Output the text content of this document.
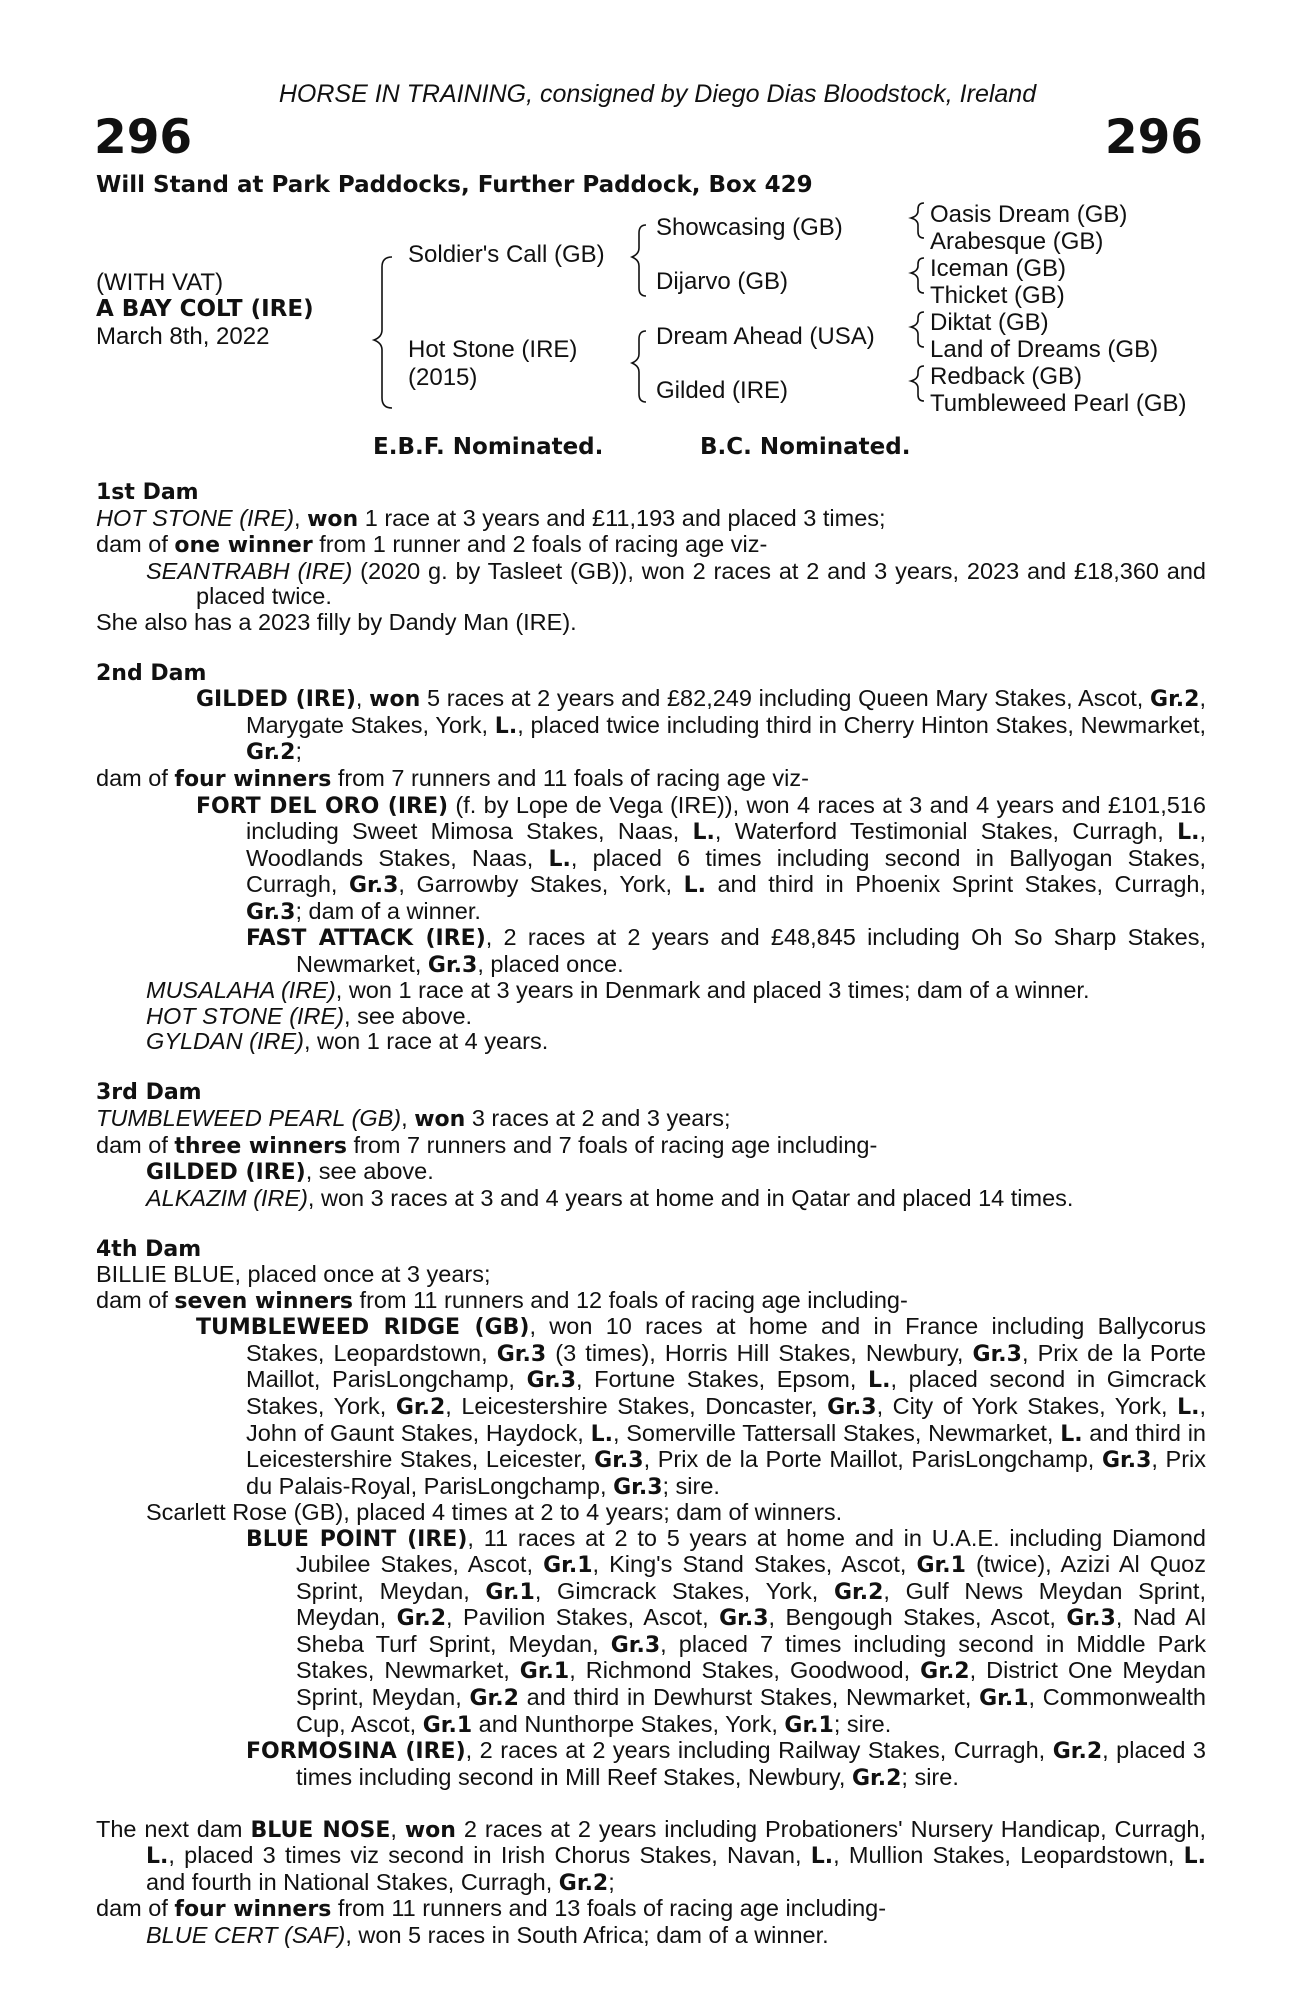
HORSE IN TRAINING, consigned by Diego Dias Bloodstock, Ireland
296	296
Will Stand at Park Paddocks, Further Paddock, Box 429
(WITH VAT)
A BAY COLT (IRE)
March 8th, 2022
Soldier's Call (GB)
Hot Stone (IRE)
(2015)
Showcasing (GB)
Dijarvo (GB)
Dream Ahead (USA)
Gilded (IRE)
Oasis Dream (GB)
Arabesque (GB)
Iceman (GB)
Thicket (GB)
Diktat (GB)
Land of Dreams (GB)
Redback (GB)
Tumbleweed Pearl (GB)
E.B.F. Nominated.	B.C. Nominated.

1st Dam

HOT STONE (IRE), won 1 race at 3 years and £11,193 and placed 3 times;

dam of one winner from 1 runner and 2 foals of racing age viz-

SEANTRABH (IRE) (2020 g. by Tasleet (GB)), won 2 races at 2 and 3 years, 2023 and £18,360 and placed twice.

She also has a 2023 filly by Dandy Man (IRE).

2nd Dam

GILDED (IRE), won 5 races at 2 years and £82,249 including Queen Mary Stakes, Ascot, Gr.2, Marygate Stakes, York, L., placed twice including third in Cherry Hinton Stakes, Newmarket, Gr.2;

dam of four winners from 7 runners and 11 foals of racing age viz-

FORT DEL ORO (IRE) (f. by Lope de Vega (IRE)), won 4 races at 3 and 4 years and £101,516 including Sweet Mimosa Stakes, Naas, L., Waterford Testimonial Stakes, Curragh, L., Woodlands Stakes, Naas, L., placed 6 times including second in Ballyogan Stakes, Curragh, Gr.3, Garrowby Stakes, York, L. and third in Phoenix Sprint Stakes, Curragh, Gr.3; dam of a winner.

FAST ATTACK (IRE), 2 races at 2 years and £48,845 including Oh So Sharp Stakes, Newmarket, Gr.3, placed once.

MUSALAHA (IRE), won 1 race at 3 years in Denmark and placed 3 times; dam of a winner.

HOT STONE (IRE), see above.

GYLDAN (IRE), won 1 race at 4 years.

3rd Dam

TUMBLEWEED PEARL (GB), won 3 races at 2 and 3 years;

dam of three winners from 7 runners and 7 foals of racing age including-

GILDED (IRE), see above.

ALKAZIM (IRE), won 3 races at 3 and 4 years at home and in Qatar and placed 14 times.

4th Dam

BILLIE BLUE, placed once at 3 years;

dam of seven winners from 11 runners and 12 foals of racing age including-

TUMBLEWEED RIDGE (GB), won 10 races at home and in France including Ballycorus Stakes, Leopardstown, Gr.3 (3 times), Horris Hill Stakes, Newbury, Gr.3, Prix de la Porte Maillot, ParisLongchamp, Gr.3, Fortune Stakes, Epsom, L., placed second in Gimcrack Stakes, York, Gr.2, Leicestershire Stakes, Doncaster, Gr.3, City of York Stakes, York, L., John of Gaunt Stakes, Haydock, L., Somerville Tattersall Stakes, Newmarket, L. and third in Leicestershire Stakes, Leicester, Gr.3, Prix de la Porte Maillot, ParisLongchamp, Gr.3, Prix du Palais-Royal, ParisLongchamp, Gr.3; sire.

Scarlett Rose (GB), placed 4 times at 2 to 4 years; dam of winners.

BLUE POINT (IRE), 11 races at 2 to 5 years at home and in U.A.E. including Diamond Jubilee Stakes, Ascot, Gr.1, King's Stand Stakes, Ascot, Gr.1 (twice), Azizi Al Quoz Sprint, Meydan, Gr.1, Gimcrack Stakes, York, Gr.2, Gulf News Meydan Sprint, Meydan, Gr.2, Pavilion Stakes, Ascot, Gr.3, Bengough Stakes, Ascot, Gr.3, Nad Al Sheba Turf Sprint, Meydan, Gr.3, placed 7 times including second in Middle Park Stakes, Newmarket, Gr.1, Richmond Stakes, Goodwood, Gr.2, District One Meydan Sprint, Meydan, Gr.2 and third in Dewhurst Stakes, Newmarket, Gr.1, Commonwealth Cup, Ascot, Gr.1 and Nunthorpe Stakes, York, Gr.1; sire.

FORMOSINA (IRE), 2 races at 2 years including Railway Stakes, Curragh, Gr.2, placed 3 times including second in Mill Reef Stakes, Newbury, Gr.2; sire.

The next dam BLUE NOSE, won 2 races at 2 years including Probationers' Nursery Handicap, Curragh, L., placed 3 times viz second in Irish Chorus Stakes, Navan, L., Mullion Stakes, Leopardstown, L. and fourth in National Stakes, Curragh, Gr.2;

dam of four winners from 11 runners and 13 foals of racing age including-

BLUE CERT (SAF), won 5 races in South Africa; dam of a winner.
